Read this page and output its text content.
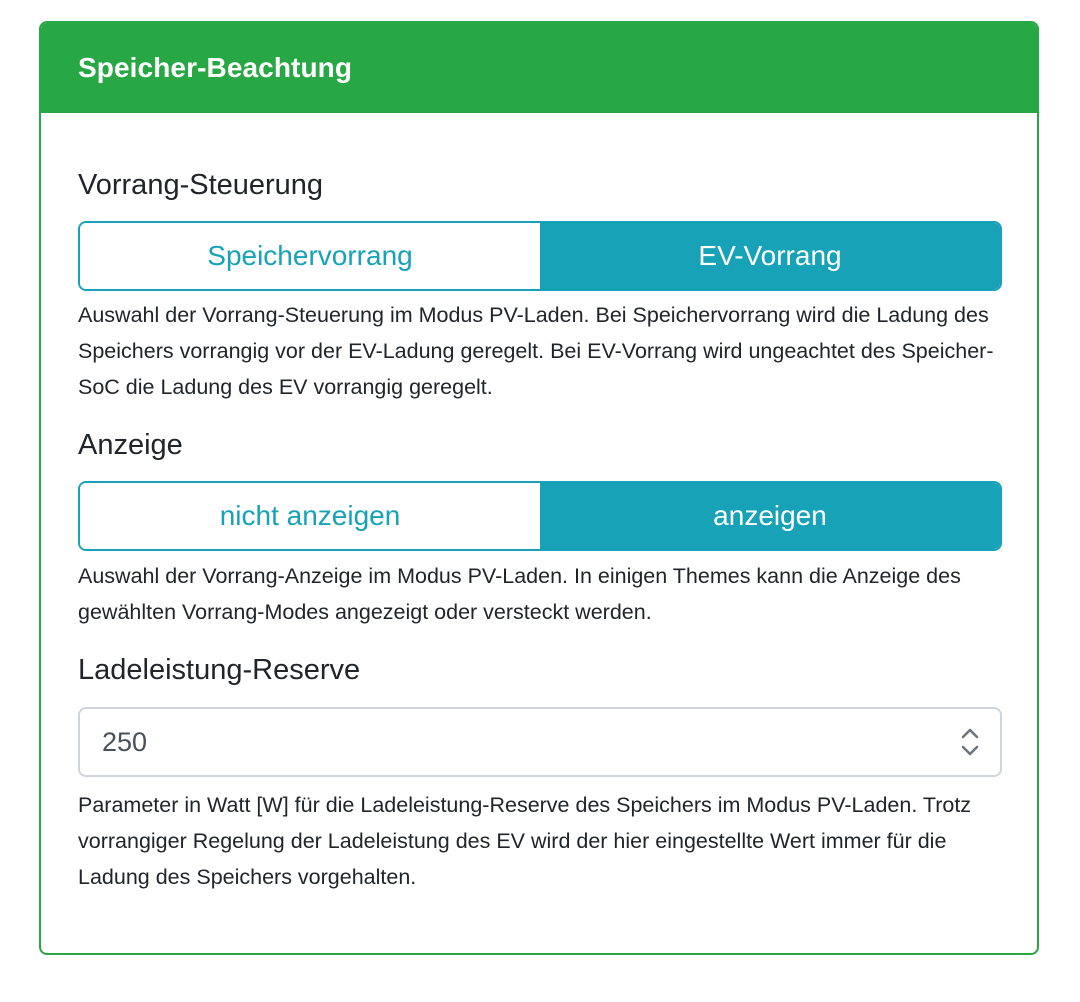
Speicher-Beachtung
Vorrang-Steuerung
Speichervorrang	EV-Vorrang
Auswahl der Vorrang-Steuerung im Modus PV-Laden. Bei Speichervorrang wird die Ladung des Speichers vorrangig vor der EV-Ladung geregelt. Bei EV-Vorrang wird ungeachtet des Speicher-SoC die Ladung des EV vorrangig geregelt.
Anzeige
nicht anzeigen	anzeigen
Auswahl der Vorrang-Anzeige im Modus PV-Laden. In einigen Themes kann die Anzeige des gewählten Vorrang-Modes angezeigt oder versteckt werden.
Ladeleistung-Reserve
250
Parameter in Watt [W] für die Ladeleistung-Reserve des Speichers im Modus PV-Laden. Trotz vorrangiger Regelung der Ladeleistung des EV wird der hier eingestellte Wert immer für die Ladung des Speichers vorgehalten.
